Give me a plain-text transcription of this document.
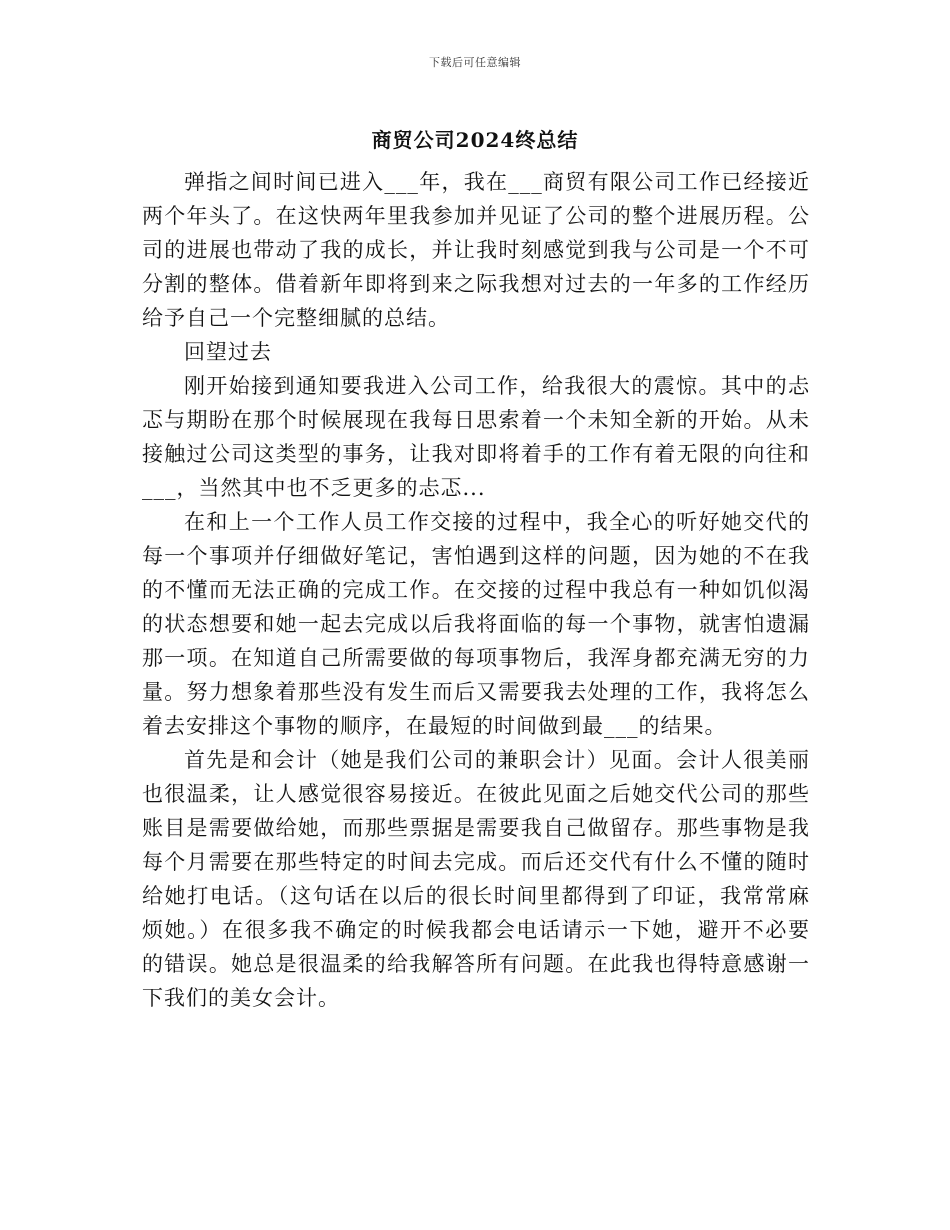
下载后可任意编辑
商贸公司2024终总结

弹指之间时间已进入___年，我在___商贸有限公司工作已经接近两个年头了。在这快两年里我参加并见证了公司的整个进展历程。公司的进展也带动了我的成长，并让我时刻感觉到我与公司是一个不可分割的整体。借着新年即将到来之际我想对过去的一年多的工作经历给予自己一个完整细腻的总结。

回望过去

刚开始接到通知要我进入公司工作，给我很大的震惊。其中的忐忑与期盼在那个时候展现在我每日思索着一个未知全新的开始。从未接触过公司这类型的事务，让我对即将着手的工作有着无限的向往和___，当然其中也不乏更多的忐忑...

在和上一个工作人员工作交接的过程中，我全心的听好她交代的每一个事项并仔细做好笔记，害怕遇到这样的问题，因为她的不在我的不懂而无法正确的完成工作。在交接的过程中我总有一种如饥似渴的状态想要和她一起去完成以后我将面临的每一个事物，就害怕遗漏那一项。在知道自己所需要做的每项事物后，我浑身都充满无穷的力量。努力想象着那些没有发生而后又需要我去处理的工作，我将怎么着去安排这个事物的顺序，在最短的时间做到最___的结果。

首先是和会计（她是我们公司的兼职会计）见面。会计人很美丽也很温柔，让人感觉很容易接近。在彼此见面之后她交代公司的那些账目是需要做给她，而那些票据是需要我自己做留存。那些事物是我每个月需要在那些特定的时间去完成。而后还交代有什么不懂的随时给她打电话。（这句话在以后的很长时间里都得到了印证，我常常麻烦她。）在很多我不确定的时候我都会电话请示一下她，避开不必要的错误。她总是很温柔的给我解答所有问题。在此我也得特意感谢一下我们的美女会计。
